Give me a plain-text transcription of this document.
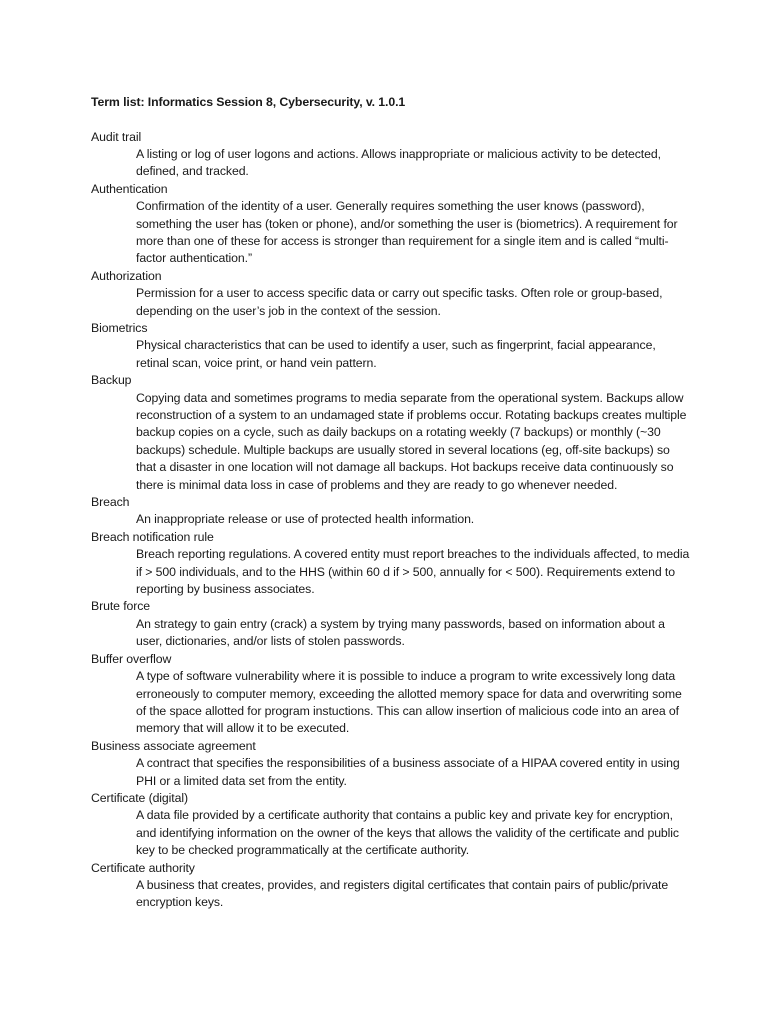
Term list: Informatics Session 8, Cybersecurity, v. 1.0.1
Audit trail
A listing or log of user logons and actions. Allows inappropriate or malicious activity to be detected, defined, and tracked.
Authentication
Confirmation of the identity of a user. Generally requires something the user knows (password), something the user has (token or phone), and/or something the user is (biometrics). A requirement for more than one of these for access is stronger than requirement for a single item and is called “multi-factor authentication.”
Authorization
Permission for a user to access specific data or carry out specific tasks. Often role or group-based, depending on the user’s job in the context of the session.
Biometrics
Physical characteristics that can be used to identify a user, such as fingerprint, facial appearance, retinal scan, voice print, or hand vein pattern.
Backup
Copying data and sometimes programs to media separate from the operational system. Backups allow reconstruction of a system to an undamaged state if problems occur. Rotating backups creates multiple backup copies on a cycle, such as daily backups on a rotating weekly (7 backups) or monthly (~30 backups) schedule. Multiple backups are usually stored in several locations (eg, off-site backups) so that a disaster in one location will not damage all backups. Hot backups receive data continuously so there is minimal data loss in case of problems and they are ready to go whenever needed.
Breach
An inappropriate release or use of protected health information.
Breach notification rule
Breach reporting regulations. A covered entity must report breaches to the individuals affected, to media if > 500 individuals, and to the HHS (within 60 d if > 500, annually for < 500). Requirements extend to reporting by business associates.
Brute force
An strategy to gain entry (crack) a system by trying many passwords, based on information about a user, dictionaries, and/or lists of stolen passwords.
Buffer overflow
A type of software vulnerability where it is possible to induce a program to write excessively long data erroneously to computer memory, exceeding the allotted memory space for data and overwriting some of the space allotted for program instuctions. This can allow insertion of malicious code into an area of memory that will allow it to be executed.
Business associate agreement
A contract that specifies the responsibilities of a business associate of a HIPAA covered entity in using PHI or a limited data set from the entity.
Certificate (digital)
A data file provided by a certificate authority that contains a public key and private key for encryption, and identifying information on the owner of the keys that allows the validity of the certificate and public key to be checked programmatically at the certificate authority.
Certificate authority
A business that creates, provides, and registers digital certificates that contain pairs of public/private encryption keys.
